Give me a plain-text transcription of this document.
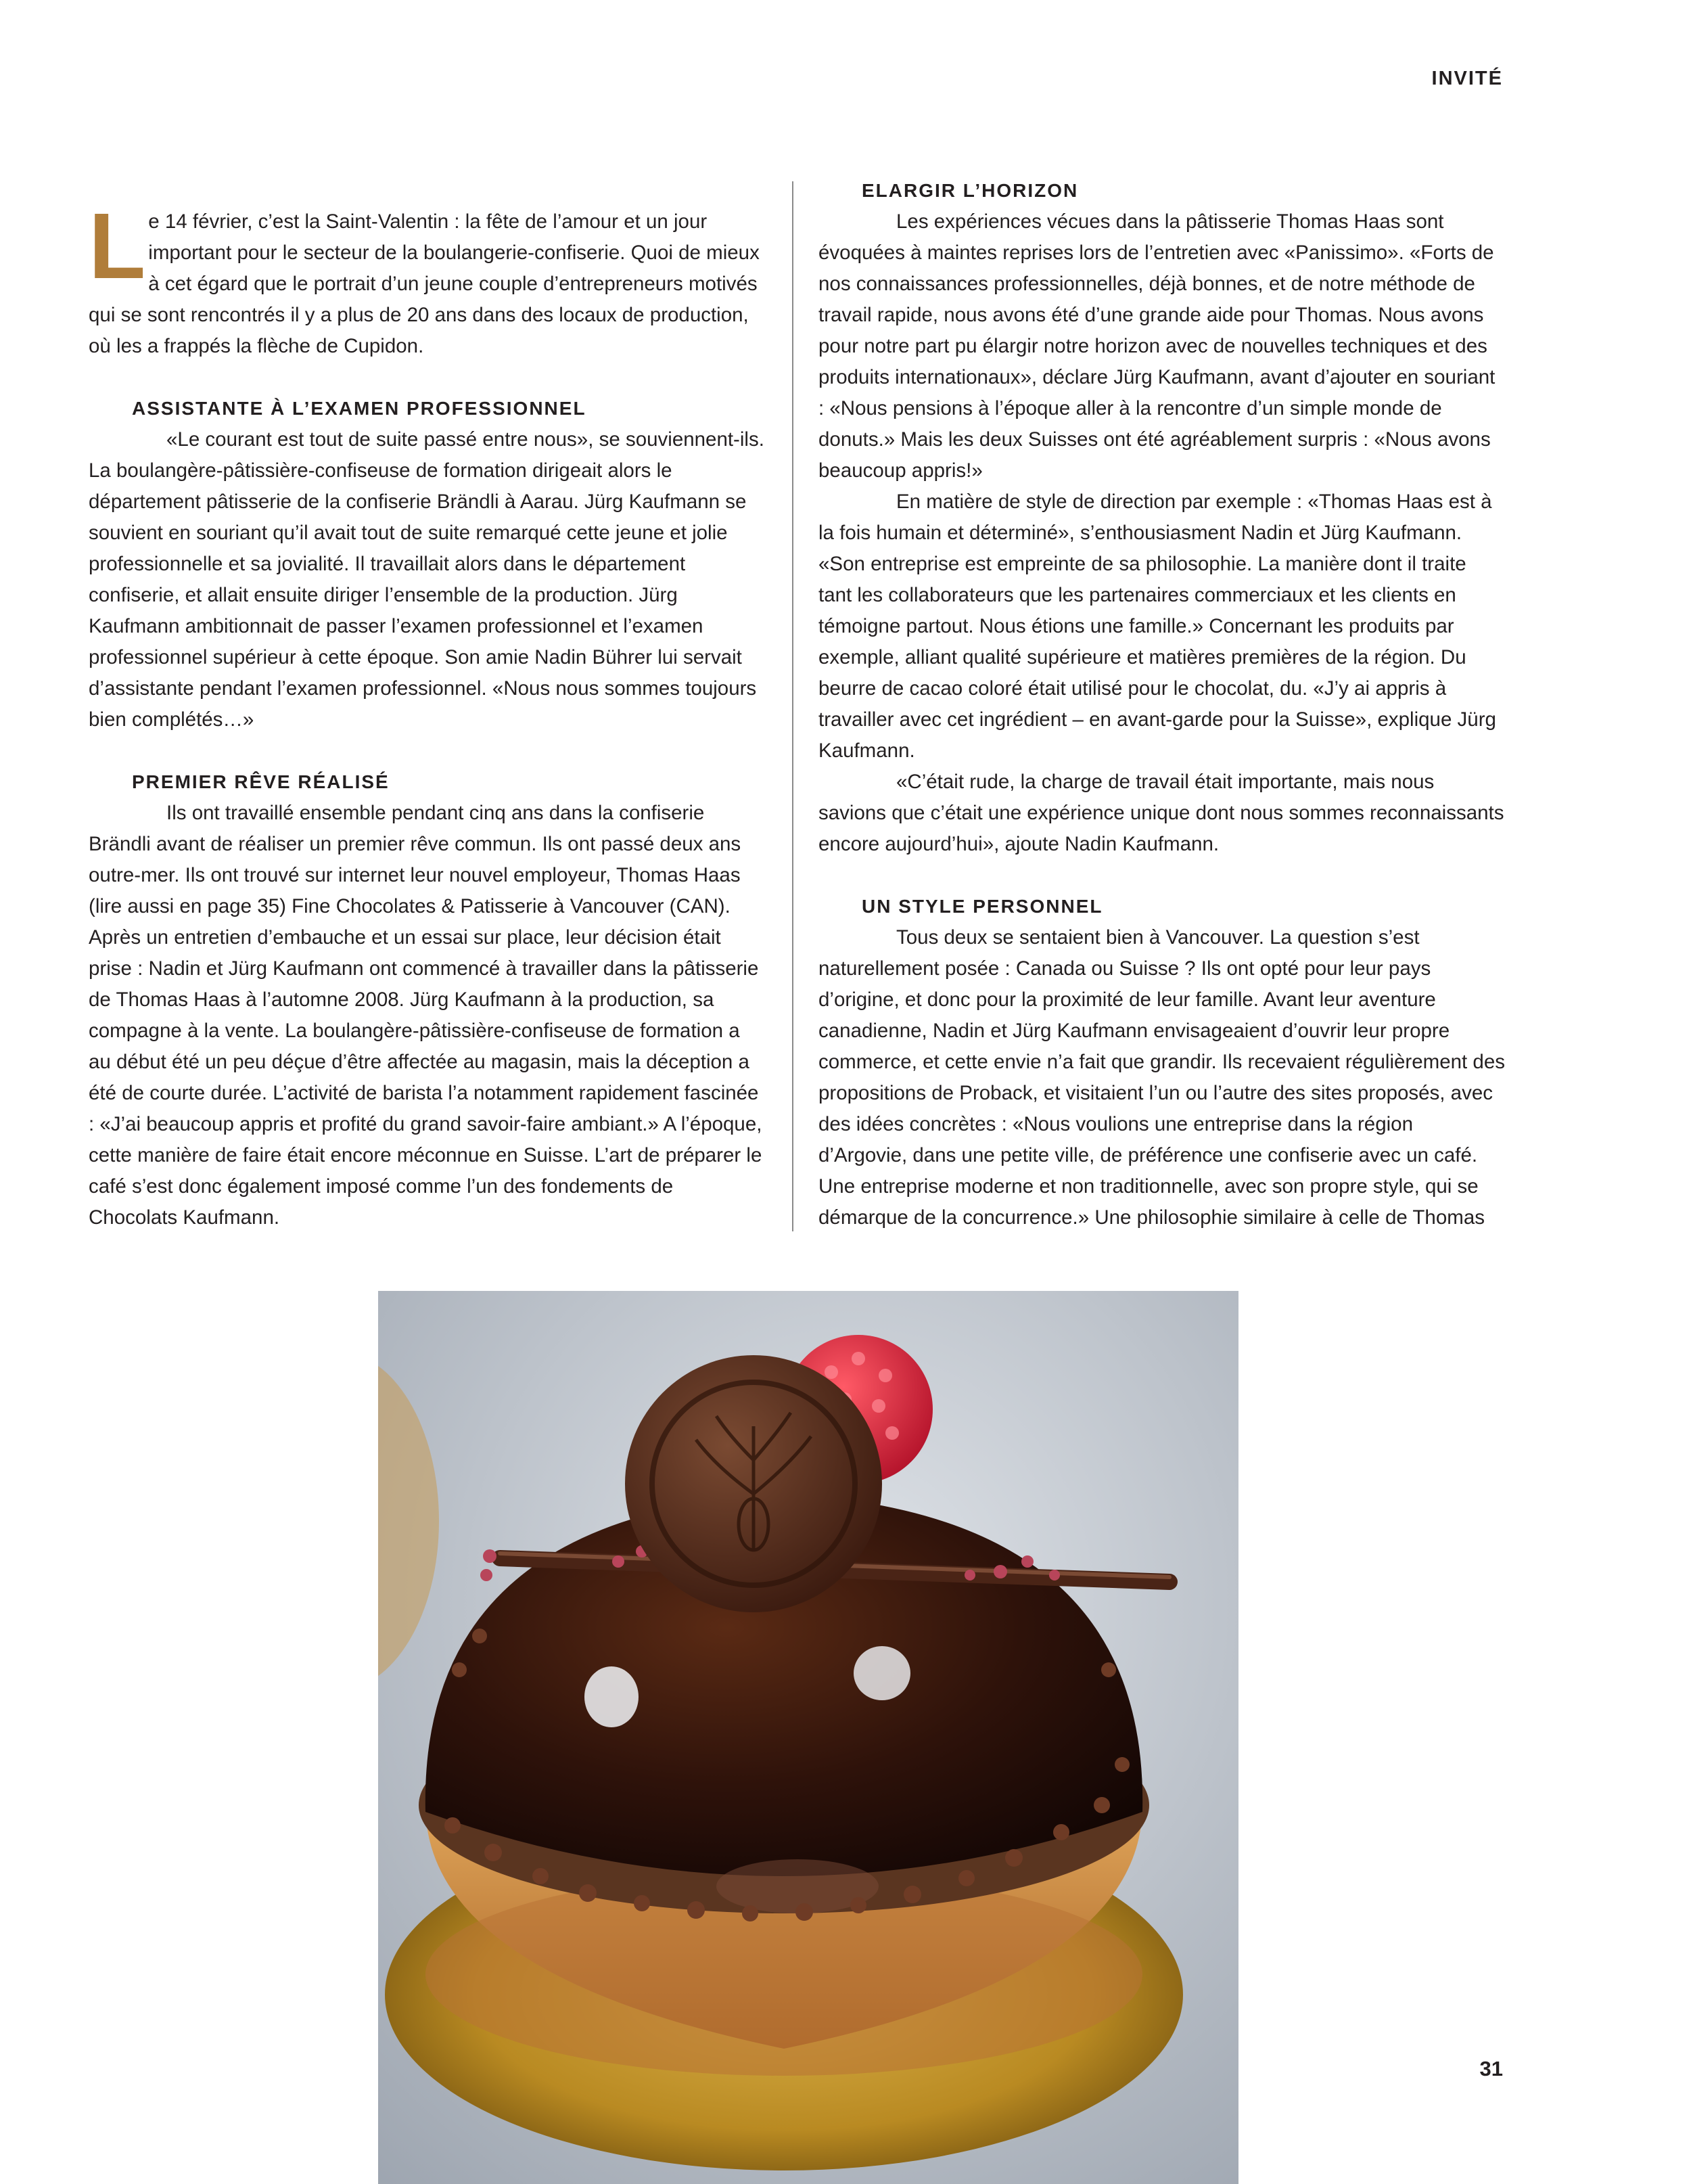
INVITÉ

Le 14 février, c’est la Saint-Valentin : la fête de l’amour et un jour important pour le secteur de la boulangerie-confiserie. Quoi de mieux à cet égard que le portrait d’un jeune couple d’entrepreneurs motivés qui se sont rencontrés il y a plus de 20 ans dans des locaux de production, où les a frappés la flèche de Cupidon.

ASSISTANTE À L’EXAMEN PROFESSIONNEL

«Le courant est tout de suite passé entre nous», se souviennent-ils. La boulangère-pâtissière-confiseuse de formation dirigeait alors le département pâtisserie de la confiserie Brändli à Aarau. Jürg Kaufmann se souvient en souriant qu’il avait tout de suite remarqué cette jeune et jolie professionnelle et sa jovialité. Il travaillait alors dans le département confiserie, et allait ensuite diriger l’ensemble de la production. Jürg Kaufmann ambitionnait de passer l’examen professionnel et l’examen professionnel supérieur à cette époque. Son amie Nadin Bührer lui servait d’assistante pendant l’examen professionnel. «Nous nous sommes toujours bien complétés…»

PREMIER RÊVE RÉALISÉ

Ils ont travaillé ensemble pendant cinq ans dans la confiserie Brändli avant de réaliser un premier rêve commun. Ils ont passé deux ans outre-mer. Ils ont trouvé sur internet leur nouvel employeur, Thomas Haas (lire aussi en page 35) Fine Chocolates & Patisserie à Vancouver (CAN). Après un entretien d’embauche et un essai sur place, leur décision était prise : Nadin et Jürg Kaufmann ont commencé à travailler dans la pâtisserie de Thomas Haas à l’automne 2008. Jürg Kaufmann à la production, sa compagne à la vente. La boulangère-pâtissière-confiseuse de formation a au début été un peu déçue d’être affectée au magasin, mais la déception a été de courte durée. L’activité de barista l’a notamment rapidement fascinée : «J’ai beaucoup appris et profité du grand savoir-faire ambiant.» A l’époque, cette manière de faire était encore méconnue en Suisse. L’art de préparer le café s’est donc également imposé comme l’un des fondements de Chocolats Kaufmann.

ELARGIR L’HORIZON

Les expériences vécues dans la pâtisserie Thomas Haas sont évoquées à maintes reprises lors de l’entretien avec «Panissimo». «Forts de nos connaissances professionnelles, déjà bonnes, et de notre méthode de travail rapide, nous avons été d’une grande aide pour Thomas. Nous avons pour notre part pu élargir notre horizon avec de nouvelles techniques et des produits internationaux», déclare Jürg Kaufmann, avant d’ajouter en souriant : «Nous pensions à l’époque aller à la rencontre d’un simple monde de donuts.» Mais les deux Suisses ont été agréablement surpris : «Nous avons beaucoup appris!»

En matière de style de direction par exemple : «Thomas Haas est à la fois humain et déterminé», s’enthousiasment Nadin et Jürg Kaufmann. «Son entreprise est empreinte de sa philosophie. La manière dont il traite tant les collaborateurs que les partenaires commerciaux et les clients en témoigne partout. Nous étions une famille.» Concernant les produits par exemple, alliant qualité supérieure et matières premières de la région. Du beurre de cacao coloré était utilisé pour le chocolat, du. «J’y ai appris à travailler avec cet ingrédient – en avant-garde pour la Suisse», explique Jürg Kaufmann.

«C’était rude, la charge de travail était importante, mais nous savions que c’était une expérience unique dont nous sommes reconnaissants encore aujourd’hui», ajoute Nadin Kaufmann.

UN STYLE PERSONNEL

Tous deux se sentaient bien à Vancouver. La question s’est naturellement posée : Canada ou Suisse ? Ils ont opté pour leur pays d’origine, et donc pour la proximité de leur famille. Avant leur aventure canadienne, Nadin et Jürg Kaufmann envisageaient d’ouvrir leur propre commerce, et cette envie n’a fait que grandir. Ils recevaient régulièrement des propositions de Proback, et visitaient l’un ou l’autre des sites proposés, avec des idées concrètes : «Nous voulions une entreprise dans la région d’Argovie, dans une petite ville, de préférence une confiserie avec un café. Une entreprise moderne et non traditionnelle, avec son propre style, qui se démarque de la concurrence.» Une philosophie similaire à celle de Thomas

31
